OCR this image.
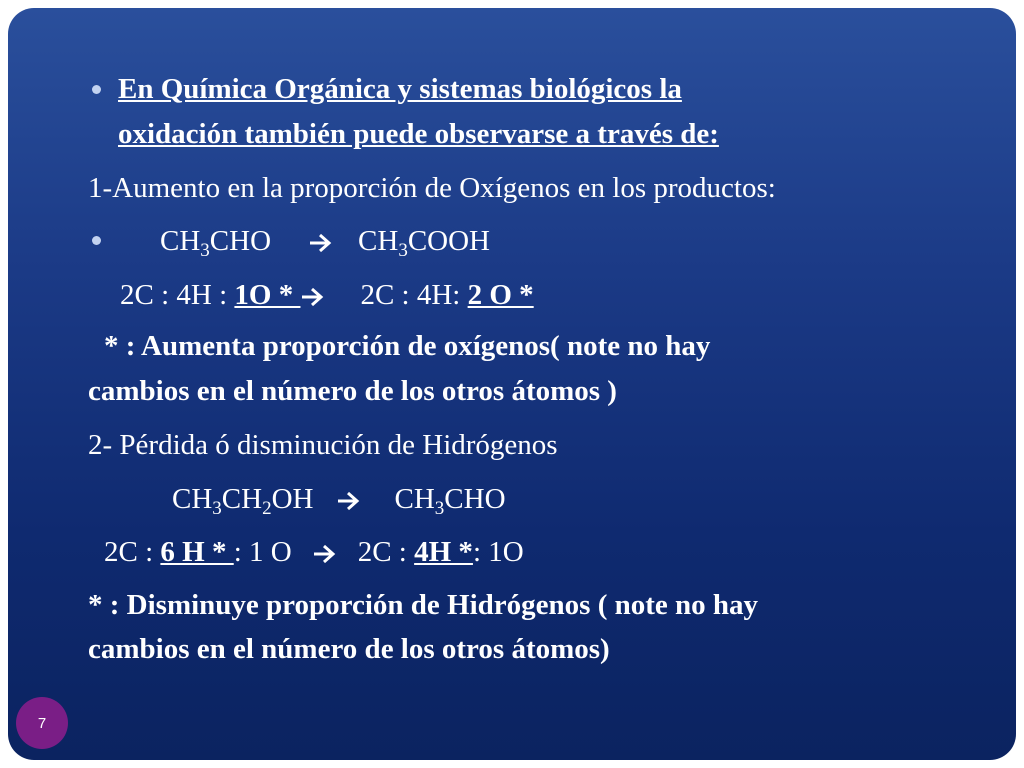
En Química Orgánica y sistemas biológicos la
oxidación también puede observarse a través de:
1-Aumento en la proporción de Oxígenos en los productos:
$CH_3CHO$	$CH_3COOH$
2C : 4H : 1O * 2C : 4H: 2 O *
* : Aumenta proporción de oxígenos( note no hay
cambios en el número de los otros átomos )
2- Pérdida ó disminución de Hidrógenos
$CH_3CH_2OH$	$CH_3CHO$
2C : 6 H * : 1 O 2C : 4H *: 1O
* : Disminuye proporción de Hidrógenos ( note no hay
cambios en el número de los otros átomos)
7
